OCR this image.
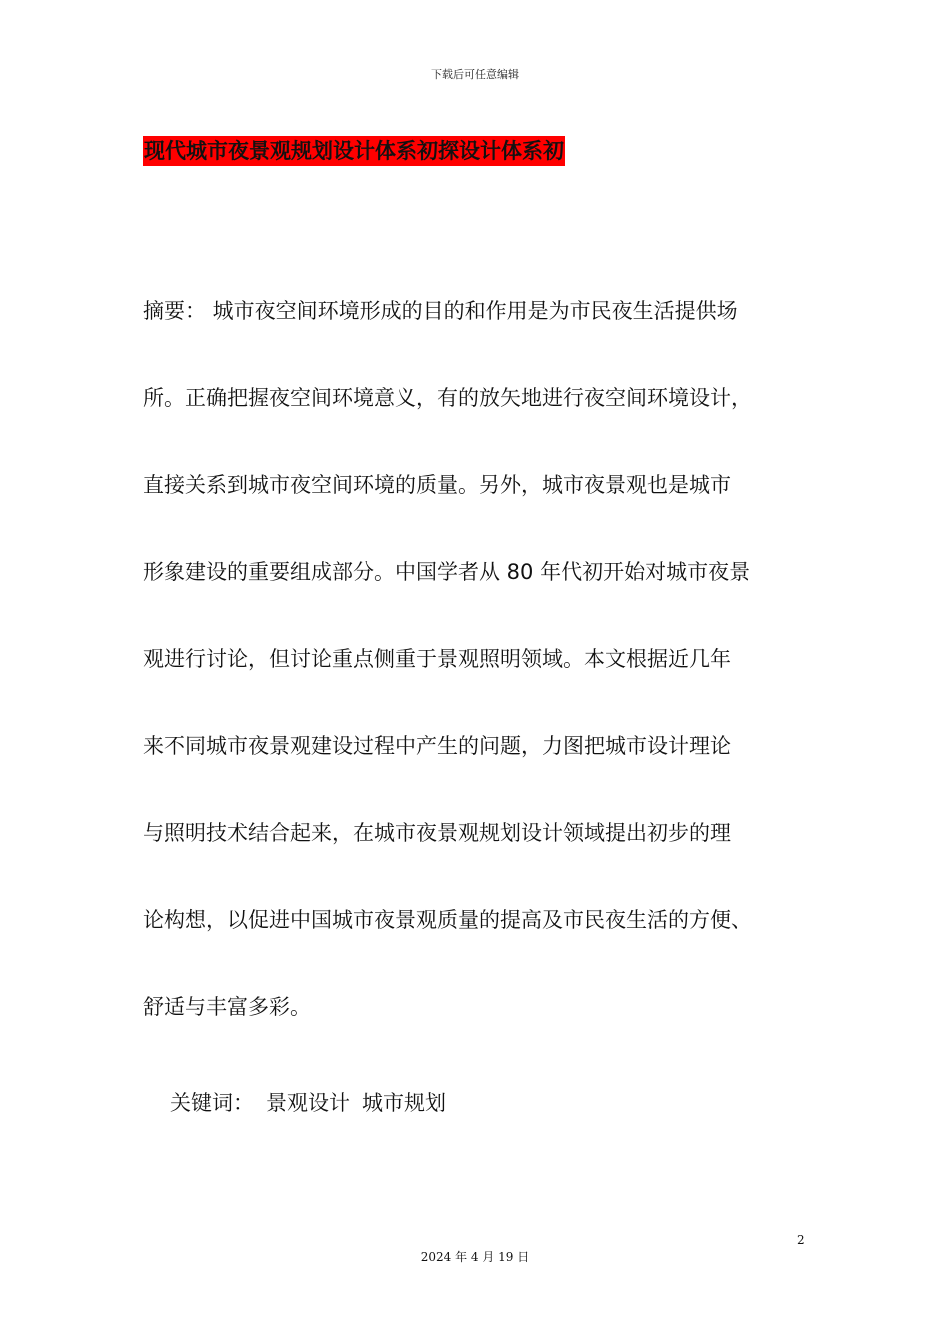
下载后可任意编辑
现代城市夜景观规划设计体系初探设计体系初
摘要： 城市夜空间环境形成的目的和作用是为市民夜生活提供场
所。正确把握夜空间环境意义，有的放矢地进行夜空间环境设计，
直接关系到城市夜空间环境的质量。另外，城市夜景观也是城市
形象建设的重要组成部分。中国学者从 80 年代初开始对城市夜景
观进行讨论，但讨论重点侧重于景观照明领域。本文根据近几年
来不同城市夜景观建设过程中产生的问题，力图把城市设计理论
与照明技术结合起来，在城市夜景观规划设计领域提出初步的理
论构想，以促进中国城市夜景观质量的提高及市民夜生活的方便、
舒适与丰富多彩。
关键词： 景观设计 城市规划
2
2024 年 4 月 19 日
